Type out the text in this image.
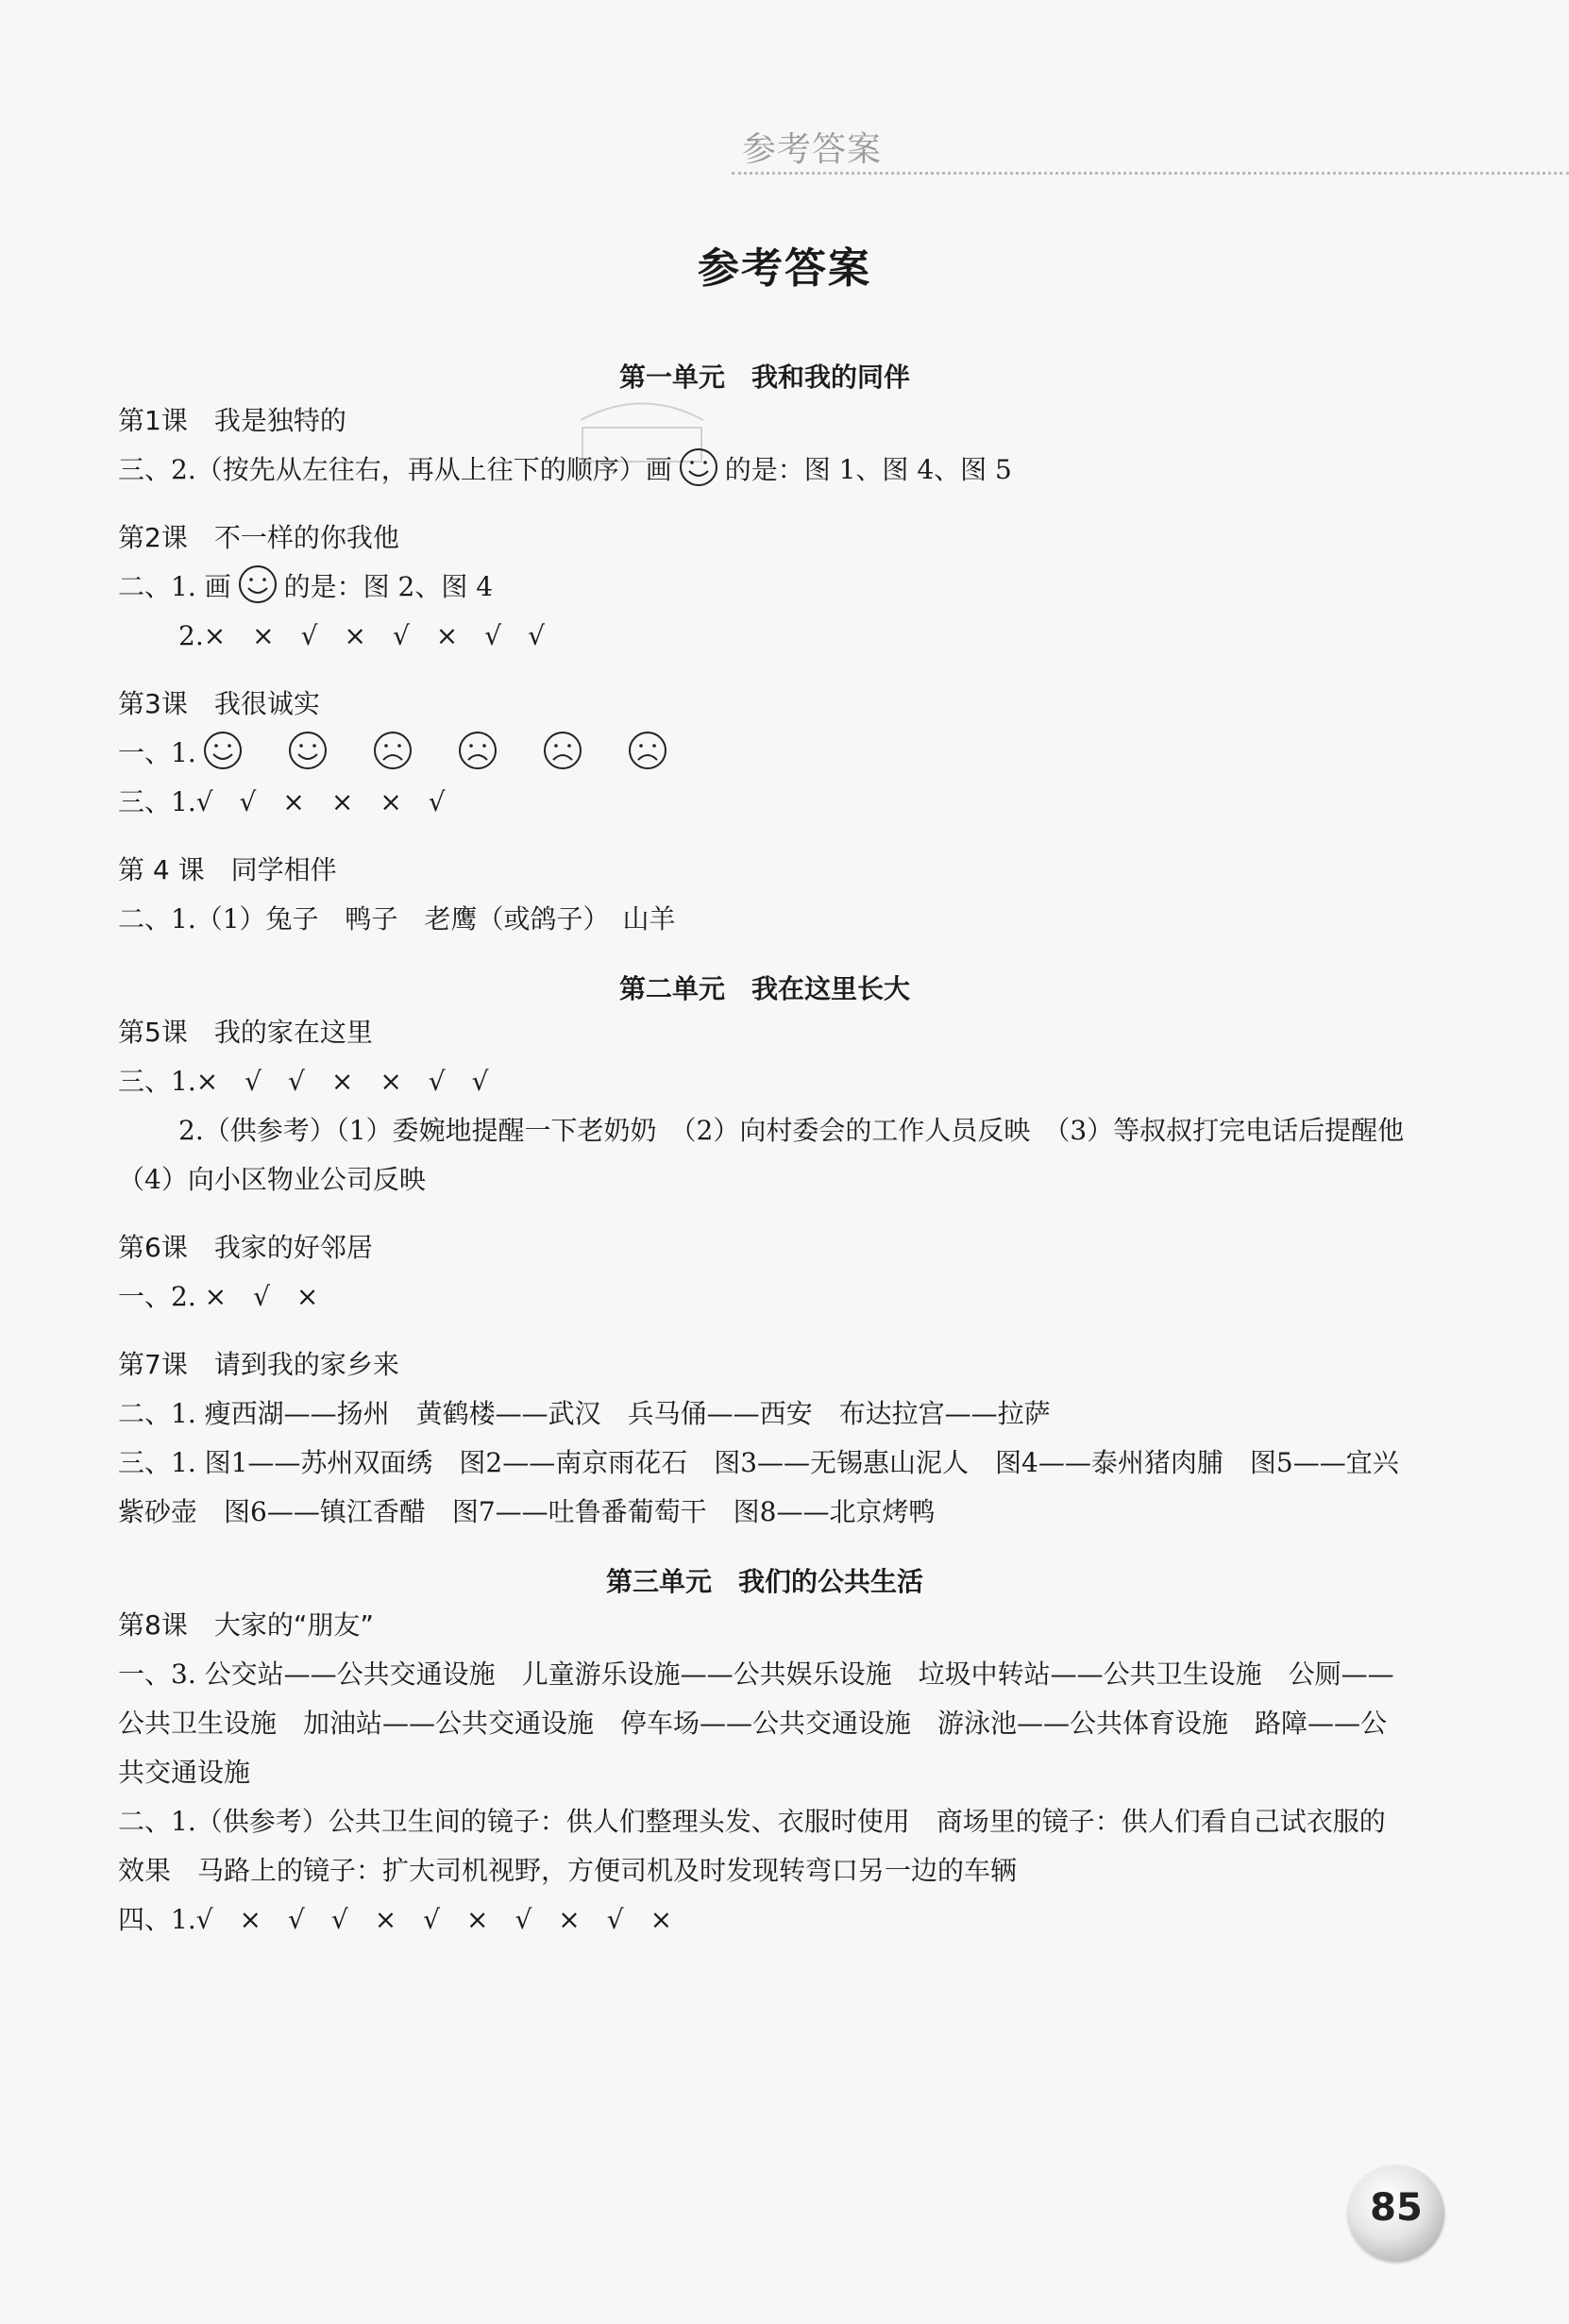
参考答案
参考答案
第一单元　我和我的同伴
第1课　我是独特的
三、2.（按先从左往右，再从上往下的顺序）画 的是：图 1、图 4、图 5
第2课　不一样的你我他
二、1. 画 的是：图 2、图 4
2.×　×　√　×　√　×　√　√
第3课　我很诚实
一、1.
三、1.√　√　×　×　×　√
第 4 课　同学相伴
二、1.（1）兔子　鸭子　老鹰（或鸽子）　山羊
第二单元　我在这里长大
第5课　我的家在这里
三、1.×　√　√　×　×　√　√
2.（供参考）（1）委婉地提醒一下老奶奶　（2）向村委会的工作人员反映　（3）等叔叔打完电话后提醒他　（4）向小区物业公司反映
第6课　我家的好邻居
一、2. ×　√　×
第7课　请到我的家乡来
二、1. 瘦西湖——扬州　黄鹤楼——武汉　兵马俑——西安　布达拉宫——拉萨
三、1. 图1——苏州双面绣　图2——南京雨花石　图3——无锡惠山泥人　图4——泰州猪肉脯　图5——宜兴紫砂壶　图6——镇江香醋　图7——吐鲁番葡萄干　图8——北京烤鸭
第三单元　我们的公共生活
第8课　大家的“朋友”
一、3. 公交站——公共交通设施　儿童游乐设施——公共娱乐设施　垃圾中转站——公共卫生设施　公厕——公共卫生设施　加油站——公共交通设施　停车场——公共交通设施　游泳池——公共体育设施　路障——公共交通设施
二、1.（供参考）公共卫生间的镜子：供人们整理头发、衣服时使用　商场里的镜子：供人们看自己试衣服的效果　马路上的镜子：扩大司机视野，方便司机及时发现转弯口另一边的车辆
四、1.√　×　√　√　×　√　×　√　×　√　×
85
